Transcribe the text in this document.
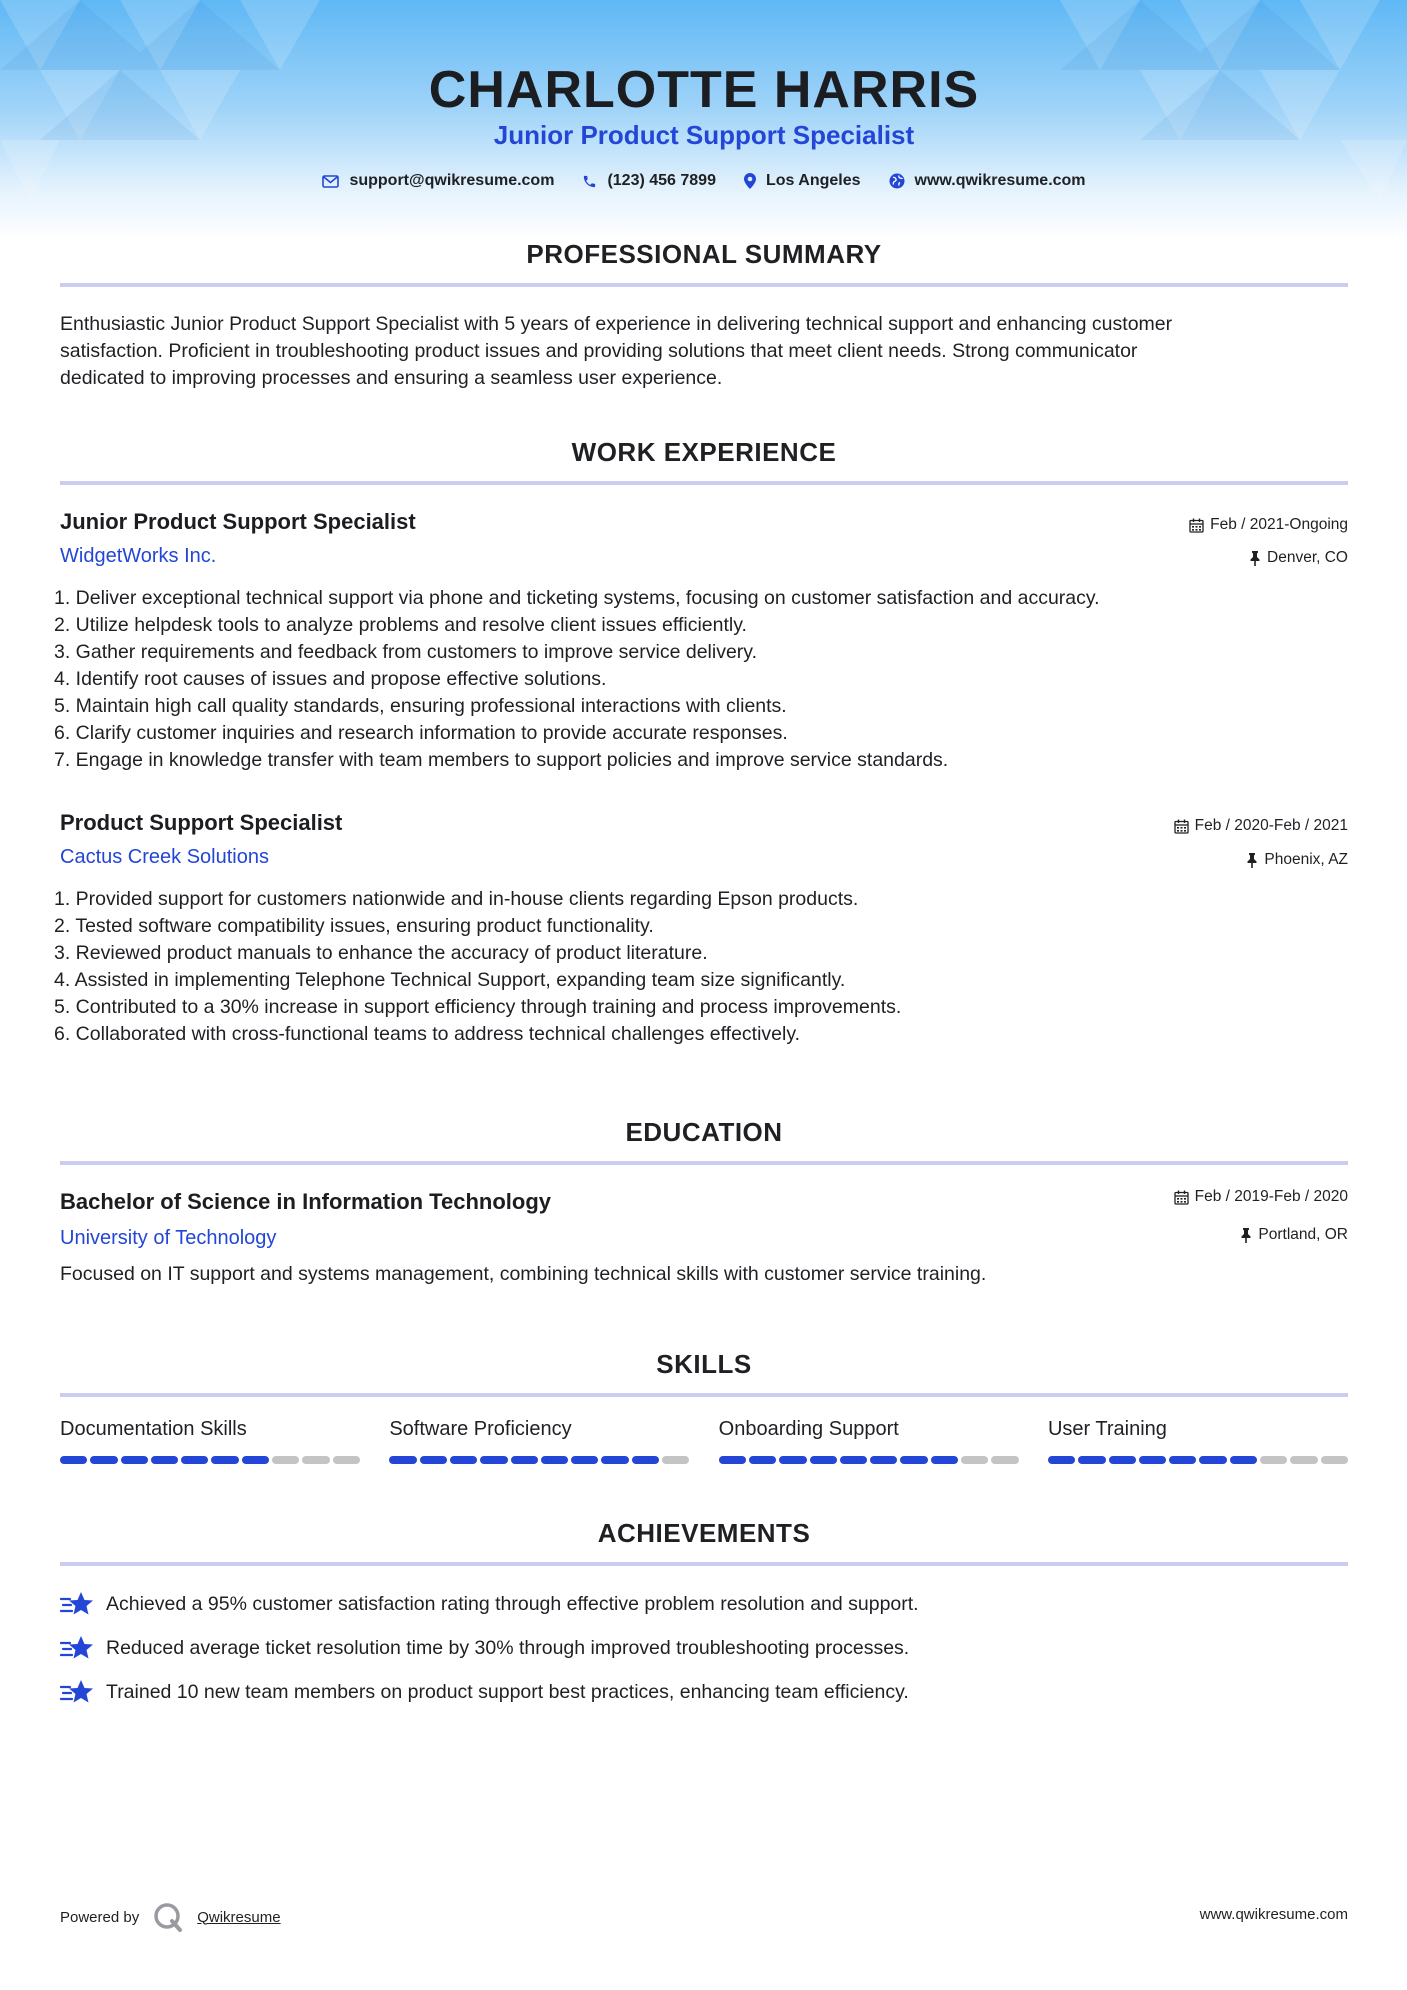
CHARLOTTE HARRIS
Junior Product Support Specialist
support@qwikresume.com	(123) 456 7899	Los Angeles	www.qwikresume.com
PROFESSIONAL SUMMARY
Enthusiastic Junior Product Support Specialist with 5 years of experience in delivering technical support and enhancing customer
satisfaction. Proficient in troubleshooting product issues and providing solutions that meet client needs. Strong communicator
dedicated to improving processes and ensuring a seamless user experience.
WORK EXPERIENCE
Junior Product Support Specialist	Feb / 2021-Ongoing
WidgetWorks Inc.	Denver, CO
1. Deliver exceptional technical support via phone and ticketing systems, focusing on customer satisfaction and accuracy.
2. Utilize helpdesk tools to analyze problems and resolve client issues efficiently.
3. Gather requirements and feedback from customers to improve service delivery.
4. Identify root causes of issues and propose effective solutions.
5. Maintain high call quality standards, ensuring professional interactions with clients.
6. Clarify customer inquiries and research information to provide accurate responses.
7. Engage in knowledge transfer with team members to support policies and improve service standards.
Product Support Specialist	Feb / 2020-Feb / 2021
Cactus Creek Solutions	Phoenix, AZ
1. Provided support for customers nationwide and in-house clients regarding Epson products.
2. Tested software compatibility issues, ensuring product functionality.
3. Reviewed product manuals to enhance the accuracy of product literature.
4. Assisted in implementing Telephone Technical Support, expanding team size significantly.
5. Contributed to a 30% increase in support efficiency through training and process improvements.
6. Collaborated with cross-functional teams to address technical challenges effectively.
EDUCATION
Bachelor of Science in Information Technology	Feb / 2019-Feb / 2020
University of Technology	Portland, OR
Focused on IT support and systems management, combining technical skills with customer service training.
SKILLS
Documentation Skills	Software Proficiency	Onboarding Support	User Training
ACHIEVEMENTS
Achieved a 95% customer satisfaction rating through effective problem resolution and support.
Reduced average ticket resolution time by 30% through improved troubleshooting processes.
Trained 10 new team members on product support best practices, enhancing team efficiency.
Powered by	Qwikresume	www.qwikresume.com
